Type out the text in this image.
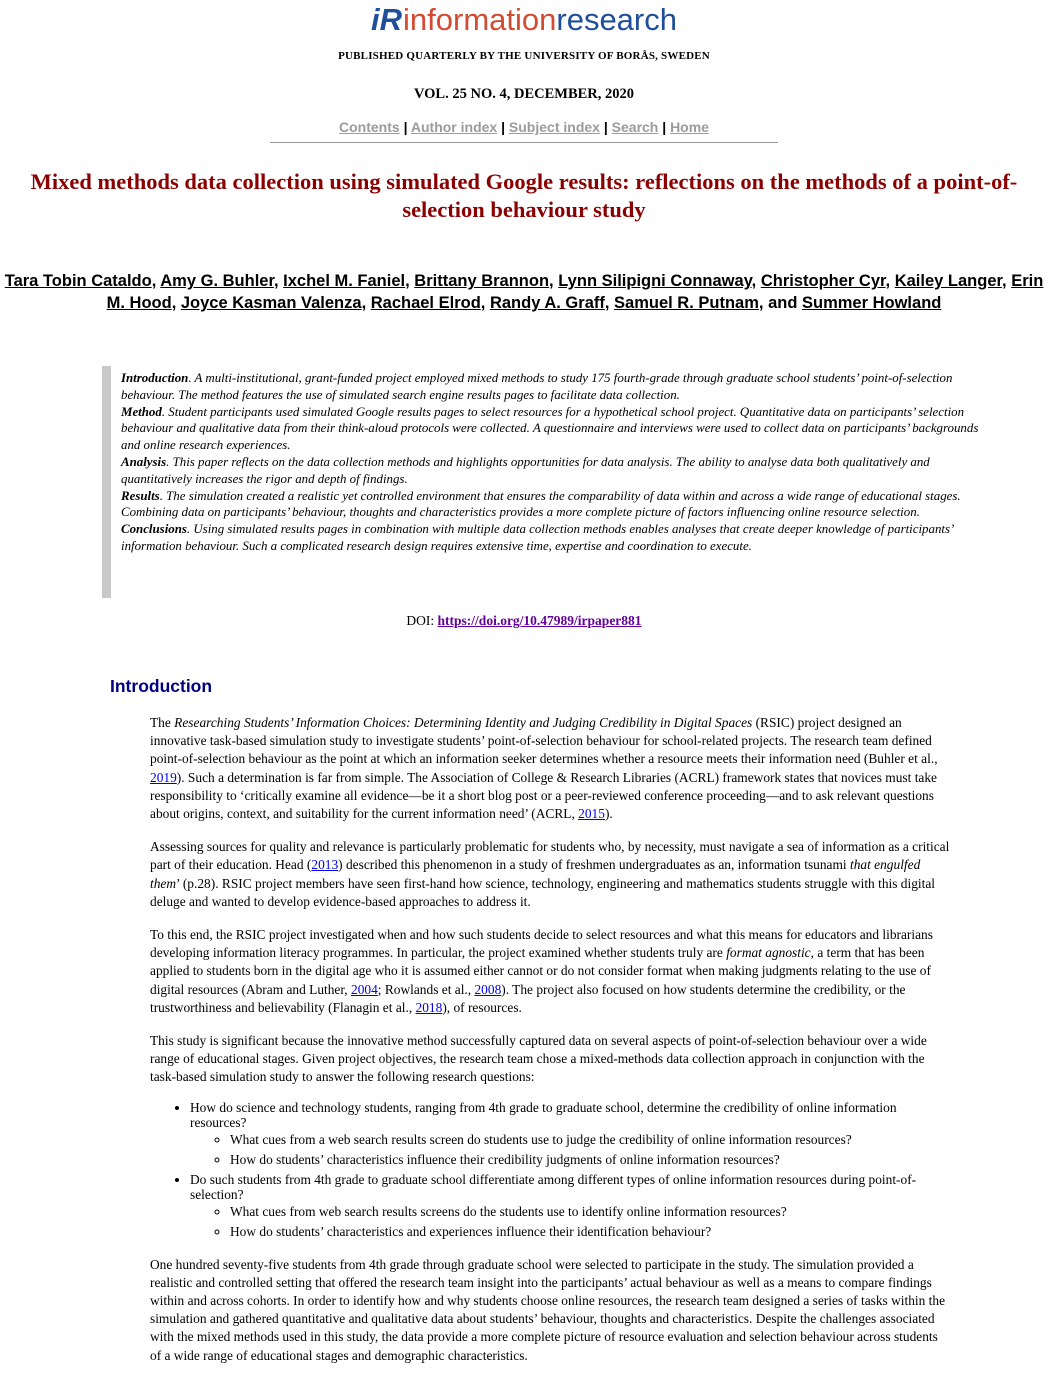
iR information research
PUBLISHED QUARTERLY BY THE UNIVERSITY OF BORÅS, SWEDEN
VOL. 25 NO. 4, DECEMBER, 2020
Contents | Author index | Subject index | Search | Home
Mixed methods data collection using simulated Google results: reflections on the methods of a point-of-selection behaviour study
Tara Tobin Cataldo, Amy G. Buhler, Ixchel M. Faniel, Brittany Brannon, Lynn Silipigni Connaway, Christopher Cyr, Kailey Langer, Erin M. Hood, Joyce Kasman Valenza, Rachael Elrod, Randy A. Graff, Samuel R. Putnam, and Summer Howland
Introduction. A multi-institutional, grant-funded project employed mixed methods to study 175 fourth-grade through graduate school students’ point-of-selection behaviour. The method features the use of simulated search engine results pages to facilitate data collection.
Method. Student participants used simulated Google results pages to select resources for a hypothetical school project. Quantitative data on participants’ selection behaviour and qualitative data from their think-aloud protocols were collected. A questionnaire and interviews were used to collect data on participants’ backgrounds and online research experiences.
Analysis. This paper reflects on the data collection methods and highlights opportunities for data analysis. The ability to analyse data both qualitatively and quantitatively increases the rigor and depth of findings.
Results. The simulation created a realistic yet controlled environment that ensures the comparability of data within and across a wide range of educational stages. Combining data on participants’ behaviour, thoughts and characteristics provides a more complete picture of factors influencing online resource selection.
Conclusions. Using simulated results pages in combination with multiple data collection methods enables analyses that create deeper knowledge of participants’ information behaviour. Such a complicated research design requires extensive time, expertise and coordination to execute.
DOI: https://doi.org/10.47989/irpaper881
Introduction

The Researching Students’ Information Choices: Determining Identity and Judging Credibility in Digital Spaces (RSIC) project designed an innovative task-based simulation study to investigate students’ point-of-selection behaviour for school-related projects. The research team defined point-of-selection behaviour as the point at which an information seeker determines whether a resource meets their information need (Buhler et al., 2019). Such a determination is far from simple. The Association of College & Research Libraries (ACRL) framework states that novices must take responsibility to ‘critically examine all evidence—be it a short blog post or a peer-reviewed conference proceeding—and to ask relevant questions about origins, context, and suitability for the current information need’ (ACRL, 2015).

Assessing sources for quality and relevance is particularly problematic for students who, by necessity, must navigate a sea of information as a critical part of their education. Head (2013) described this phenomenon in a study of freshmen undergraduates as an, information tsunami that engulfed them’ (p.28). RSIC project members have seen first-hand how science, technology, engineering and mathematics students struggle with this digital deluge and wanted to develop evidence-based approaches to address it.

To this end, the RSIC project investigated when and how such students decide to select resources and what this means for educators and librarians developing information literacy programmes. In particular, the project examined whether students truly are format agnostic, a term that has been applied to students born in the digital age who it is assumed either cannot or do not consider format when making judgments relating to the use of digital resources (Abram and Luther, 2004; Rowlands et al., 2008). The project also focused on how students determine the credibility, or the trustworthiness and believability (Flanagin et al., 2018), of resources.

This study is significant because the innovative method successfully captured data on several aspects of point-of-selection behaviour over a wide range of educational stages. Given project objectives, the research team chose a mixed-methods data collection approach in conjunction with the task-based simulation study to answer the following research questions:

• How do science and technology students, ranging from 4th grade to graduate school, determine the credibility of online information resources?
◦ What cues from a web search results screen do students use to judge the credibility of online information resources?
◦ How do students’ characteristics influence their credibility judgments of online information resources?
• Do such students from 4th grade to graduate school differentiate among different types of online information resources during point-of-selection?
◦ What cues from web search results screens do the students use to identify online information resources?
◦ How do students’ characteristics and experiences influence their identification behaviour?

One hundred seventy-five students from 4th grade through graduate school were selected to participate in the study. The simulation provided a realistic and controlled setting that offered the research team insight into the participants’ actual behaviour as well as a means to compare findings within and across cohorts. In order to identify how and why students choose online resources, the research team designed a series of tasks within the simulation and gathered quantitative and qualitative data about students’ behaviour, thoughts and characteristics. Despite the challenges associated with the mixed methods used in this study, the data provide a more complete picture of resource evaluation and selection behaviour across students of a wide range of educational stages and demographic characteristics.
